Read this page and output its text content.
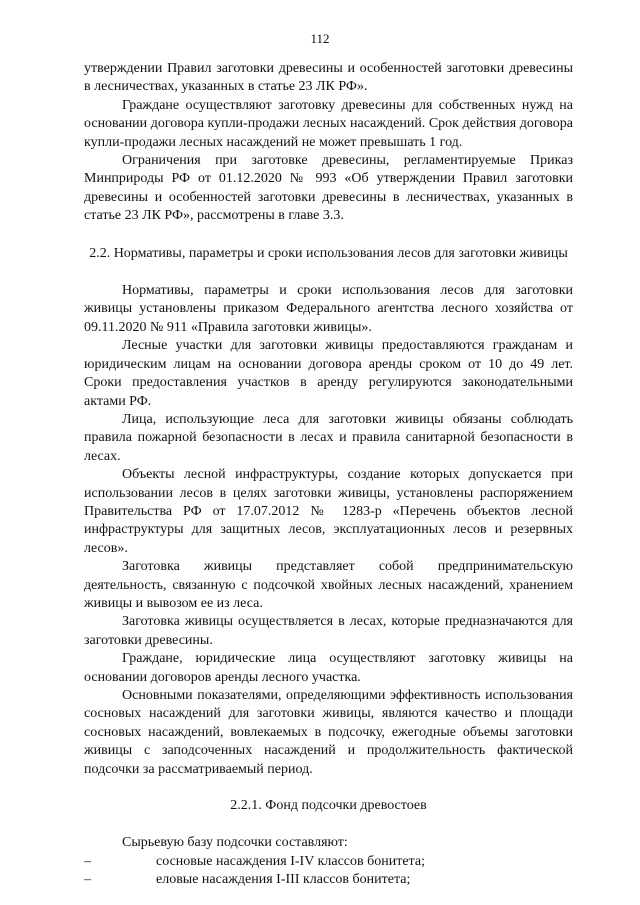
112

утверждении Правил заготовки древесины и особенностей заготовки древесины в лесничествах, указанных в статье 23 ЛК РФ».

Граждане осуществляют заготовку древесины для собственных нужд на основании договора купли-продажи лесных насаждений. Срок действия договора купли-продажи лесных насаждений не может превышать 1 год.

Ограничения при заготовке древесины, регламентируемые Приказ Минприроды РФ от 01.12.2020 № 993 «Об утверждении Правил заготовки древесины и особенностей заготовки древесины в лесничествах, указанных в статье 23 ЛК РФ», рассмотрены в главе 3.3.

2.2. Нормативы, параметры и сроки использования лесов для заготовки живицы

Нормативы, параметры и сроки использования лесов для заготовки живицы установлены приказом Федерального агентства лесного хозяйства от 09.11.2020 № 911 «Правила заготовки живицы».

Лесные участки для заготовки живицы предоставляются гражданам и юридическим лицам на основании договора аренды сроком от 10 до 49 лет. Сроки предоставления участков в аренду регулируются законодательными актами РФ.

Лица, использующие леса для заготовки живицы обязаны соблюдать правила пожарной безопасности в лесах и правила санитарной безопасности в лесах.

Объекты лесной инфраструктуры, создание которых допускается при использовании лесов в целях заготовки живицы, установлены распоряжением Правительства РФ от 17.07.2012 № 1283-р «Перечень объектов лесной инфраструктуры для защитных лесов, эксплуатационных лесов и резервных лесов».

Заготовка живицы представляет собой предпринимательскую деятельность, связанную с подсочкой хвойных лесных насаждений, хранением живицы и вывозом ее из леса.

Заготовка живицы осуществляется в лесах, которые предназначаются для заготовки древесины.

Граждане, юридические лица осуществляют заготовку живицы на основании договоров аренды лесного участка.

Основными показателями, определяющими эффективность использования сосновых насаждений для заготовки живицы, являются качество и площади сосновых насаждений, вовлекаемых в подсочку, ежегодные объемы заготовки живицы с заподсоченных насаждений и продолжительность фактической подсочки за рассматриваемый период.

2.2.1. Фонд подсочки древостоев

Сырьевую базу подсочки составляют:

–	сосновые насаждения I-IV классов бонитета;
–	еловые насаждения I-III классов бонитета;
